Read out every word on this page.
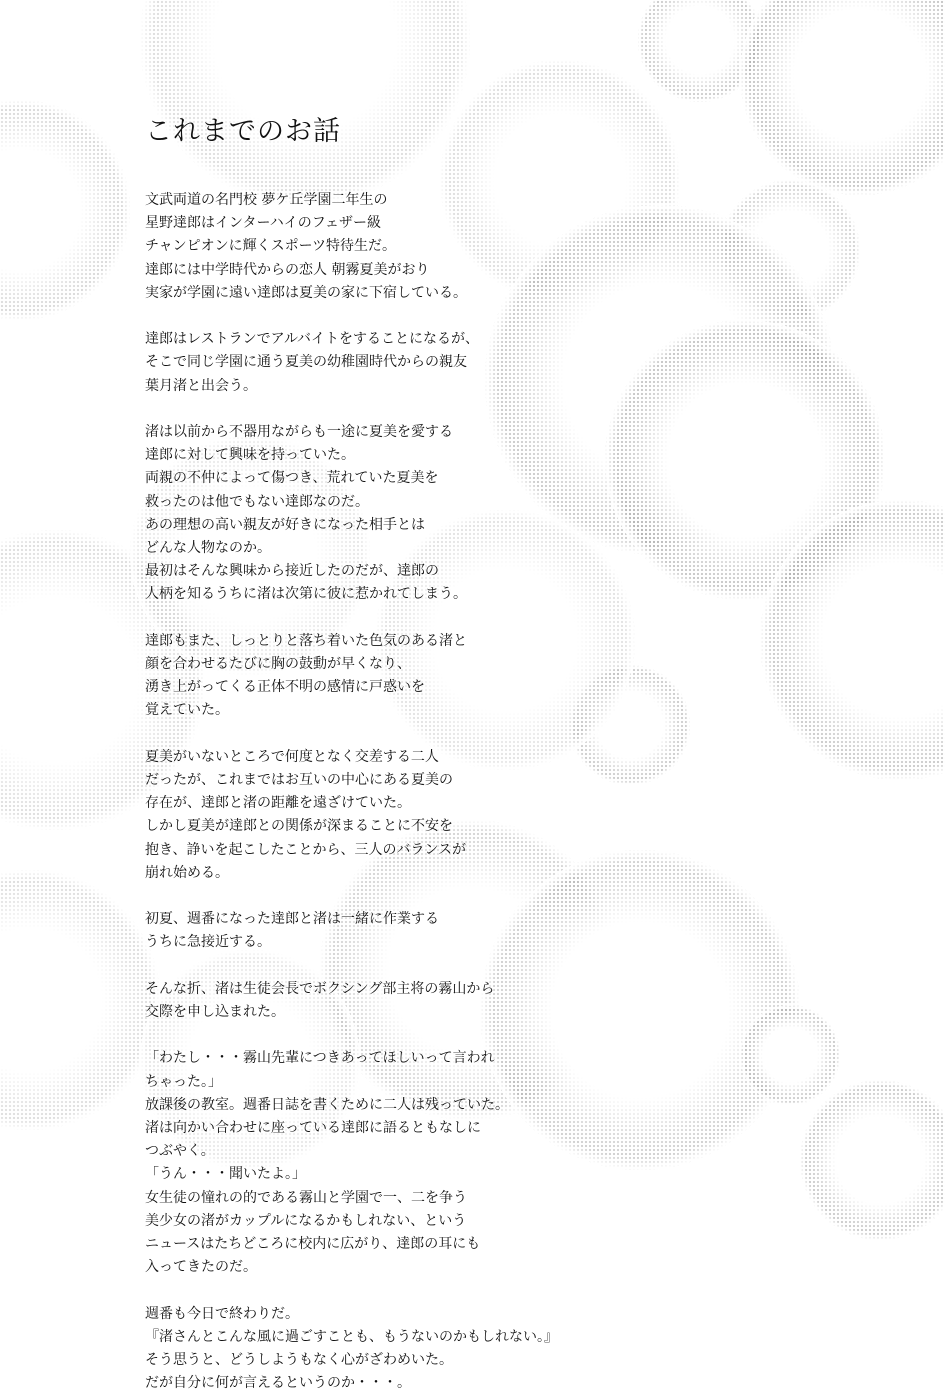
これまでのお話

文武両道の名門校 夢ケ丘学園二年生の
星野達郎はインターハイのフェザー級
チャンピオンに輝くスポーツ特待生だ。
達郎には中学時代からの恋人 朝霧夏美がおり
実家が学園に遠い達郎は夏美の家に下宿している。

達郎はレストランでアルバイトをすることになるが、
そこで同じ学園に通う夏美の幼稚園時代からの親友
葉月渚と出会う。

渚は以前から不器用ながらも一途に夏美を愛する
達郎に対して興味を持っていた。
両親の不仲によって傷つき、荒れていた夏美を
救ったのは他でもない達郎なのだ。
あの理想の高い親友が好きになった相手とは
どんな人物なのか。
最初はそんな興味から接近したのだが、達郎の
人柄を知るうちに渚は次第に彼に惹かれてしまう。

達郎もまた、しっとりと落ち着いた色気のある渚と
顔を合わせるたびに胸の鼓動が早くなり、
湧き上がってくる正体不明の感情に戸惑いを
覚えていた。

夏美がいないところで何度となく交差する二人
だったが、これまではお互いの中心にある夏美の
存在が、達郎と渚の距離を遠ざけていた。
しかし夏美が達郎との関係が深まることに不安を
抱き、諍いを起こしたことから、三人のバランスが
崩れ始める。

初夏、週番になった達郎と渚は一緒に作業する
うちに急接近する。

そんな折、渚は生徒会長でボクシング部主将の霧山から
交際を申し込まれた。

「わたし・・・霧山先輩につきあってほしいって言われ
ちゃった。」
放課後の教室。週番日誌を書くために二人は残っていた。
渚は向かい合わせに座っている達郎に語るともなしに
つぶやく。
「うん・・・聞いたよ。」
女生徒の憧れの的である霧山と学園で一、二を争う
美少女の渚がカップルになるかもしれない、という
ニュースはたちどころに校内に広がり、達郎の耳にも
入ってきたのだ。

週番も今日で終わりだ。
『渚さんとこんな風に過ごすことも、もうないのかもしれない。』
そう思うと、どうしようもなく心がざわめいた。
だが自分に何が言えるというのか・・・。
